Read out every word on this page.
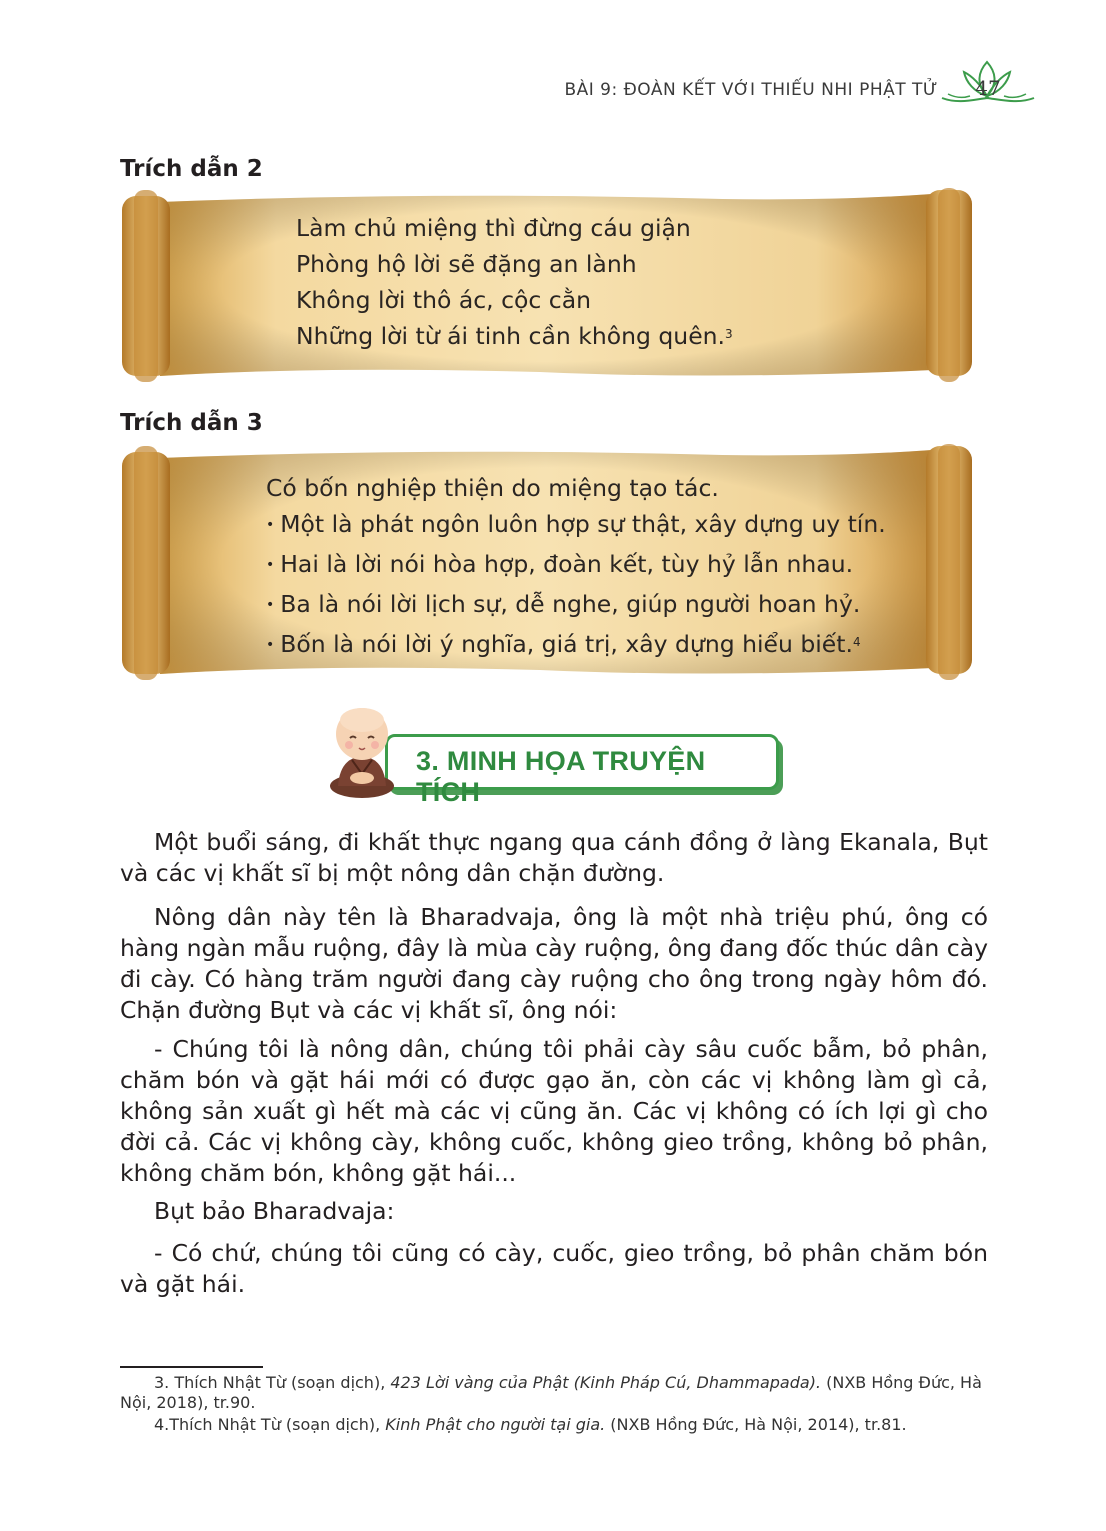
BÀI 9: ĐOÀN KẾT VỚI THIẾU NHI PHẬT TỬ	47
Trích dẫn 2
Làm chủ miệng thì đừng cáu giận
Phòng hộ lời sẽ đặng an lành
Không lời thô ác, cộc cằn
Những lời từ ái tinh cần không quên.$^3$
Trích dẫn 3
Có bốn nghiệp thiện do miệng tạo tác.
• Một là phát ngôn luôn hợp sự thật, xây dựng uy tín.
• Hai là lời nói hòa hợp, đoàn kết, tùy hỷ lẫn nhau.
• Ba là nói lời lịch sự, dễ nghe, giúp người hoan hỷ.
• Bốn là nói lời ý nghĩa, giá trị, xây dựng hiểu biết.$^4$
3. MINH HỌA TRUYỆN TÍCH
Một buổi sáng, đi khất thực ngang qua cánh đồng ở làng Ekanala, Bụt và các vị khất sĩ bị một nông dân chặn đường.
Nông dân này tên là Bharadvaja, ông là một nhà triệu phú, ông có hàng ngàn mẫu ruộng, đây là mùa cày ruộng, ông đang đốc thúc dân cày đi cày. Có hàng trăm người đang cày ruộng cho ông trong ngày hôm đó. Chặn đường Bụt và các vị khất sĩ, ông nói:
- Chúng tôi là nông dân, chúng tôi phải cày sâu cuốc bẫm, bỏ phân, chăm bón và gặt hái mới có được gạo ăn, còn các vị không làm gì cả, không sản xuất gì hết mà các vị cũng ăn. Các vị không có ích lợi gì cho đời cả. Các vị không cày, không cuốc, không gieo trồng, không bỏ phân, không chăm bón, không gặt hái...
Bụt bảo Bharadvaja:
- Có chứ, chúng tôi cũng có cày, cuốc, gieo trồng, bỏ phân chăm bón và gặt hái.
3. Thích Nhật Từ (soạn dịch), 423 Lời vàng của Phật (Kinh Pháp Cú, Dhammapada). (NXB Hồng Đức, Hà Nội, 2018), tr.90.
4.Thích Nhật Từ (soạn dịch), Kinh Phật cho người tại gia. (NXB Hồng Đức, Hà Nội, 2014), tr.81.
